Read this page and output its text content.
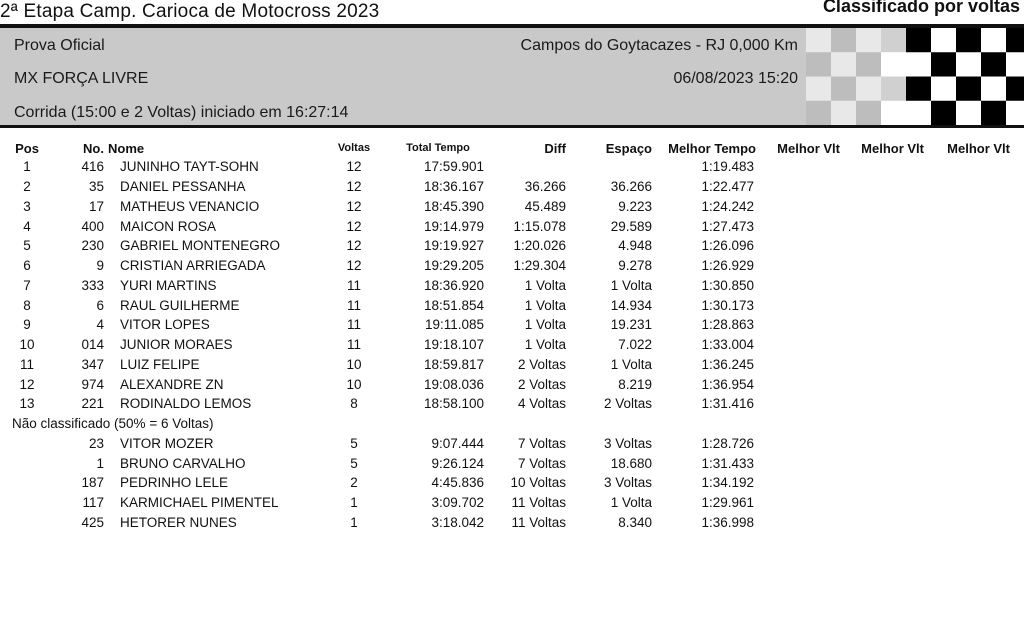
2ª Etapa Camp. Carioca de Motocross 2023	Classificado por voltas
Prova Oficial
MX FORÇA LIVRE
Corrida (15:00 e 2 Voltas) iniciado em 16:27:14
Campos do Goytacazes - RJ 0,000 Km
06/08/2023 15:20
Pos	No.	Nome	Voltas	Total Tempo	Diff	Espaço	Melhor Tempo	Melhor Vlt	Melhor Vlt	Melhor Vlt
1	416	JUNINHO TAYT-SOHN	12	17:59.901			1:19.483			
2	35	DANIEL PESSANHA	12	18:36.167	36.266	36.266	1:22.477			
3	17	MATHEUS VENANCIO	12	18:45.390	45.489	9.223	1:24.242			
4	400	MAICON ROSA	12	19:14.979	1:15.078	29.589	1:27.473			
5	230	GABRIEL MONTENEGRO	12	19:19.927	1:20.026	4.948	1:26.096			
6	9	CRISTIAN ARRIEGADA	12	19:29.205	1:29.304	9.278	1:26.929			
7	333	YURI MARTINS	11	18:36.920	1 Volta	1 Volta	1:30.850			
8	6	RAUL GUILHERME	11	18:51.854	1 Volta	14.934	1:30.173			
9	4	VITOR LOPES	11	19:11.085	1 Volta	19.231	1:28.863			
10	014	JUNIOR MORAES	11	19:18.107	1 Volta	7.022	1:33.004			
11	347	LUIZ FELIPE	10	18:59.817	2 Voltas	1 Volta	1:36.245			
12	974	ALEXANDRE ZN	10	19:08.036	2 Voltas	8.219	1:36.954			
13	221	RODINALDO LEMOS	8	18:58.100	4 Voltas	2 Voltas	1:31.416			
Não classificado (50% = 6 Voltas)										
	23	VITOR MOZER	5	9:07.444	7 Voltas	3 Voltas	1:28.726			
	1	BRUNO CARVALHO	5	9:26.124	7 Voltas	18.680	1:31.433			
	187	PEDRINHO LELE	2	4:45.836	10 Voltas	3 Voltas	1:34.192			
	117	KARMICHAEL PIMENTEL	1	3:09.702	11 Voltas	1 Volta	1:29.961			
	425	HETORER NUNES	1	3:18.042	11 Voltas	8.340	1:36.998			
